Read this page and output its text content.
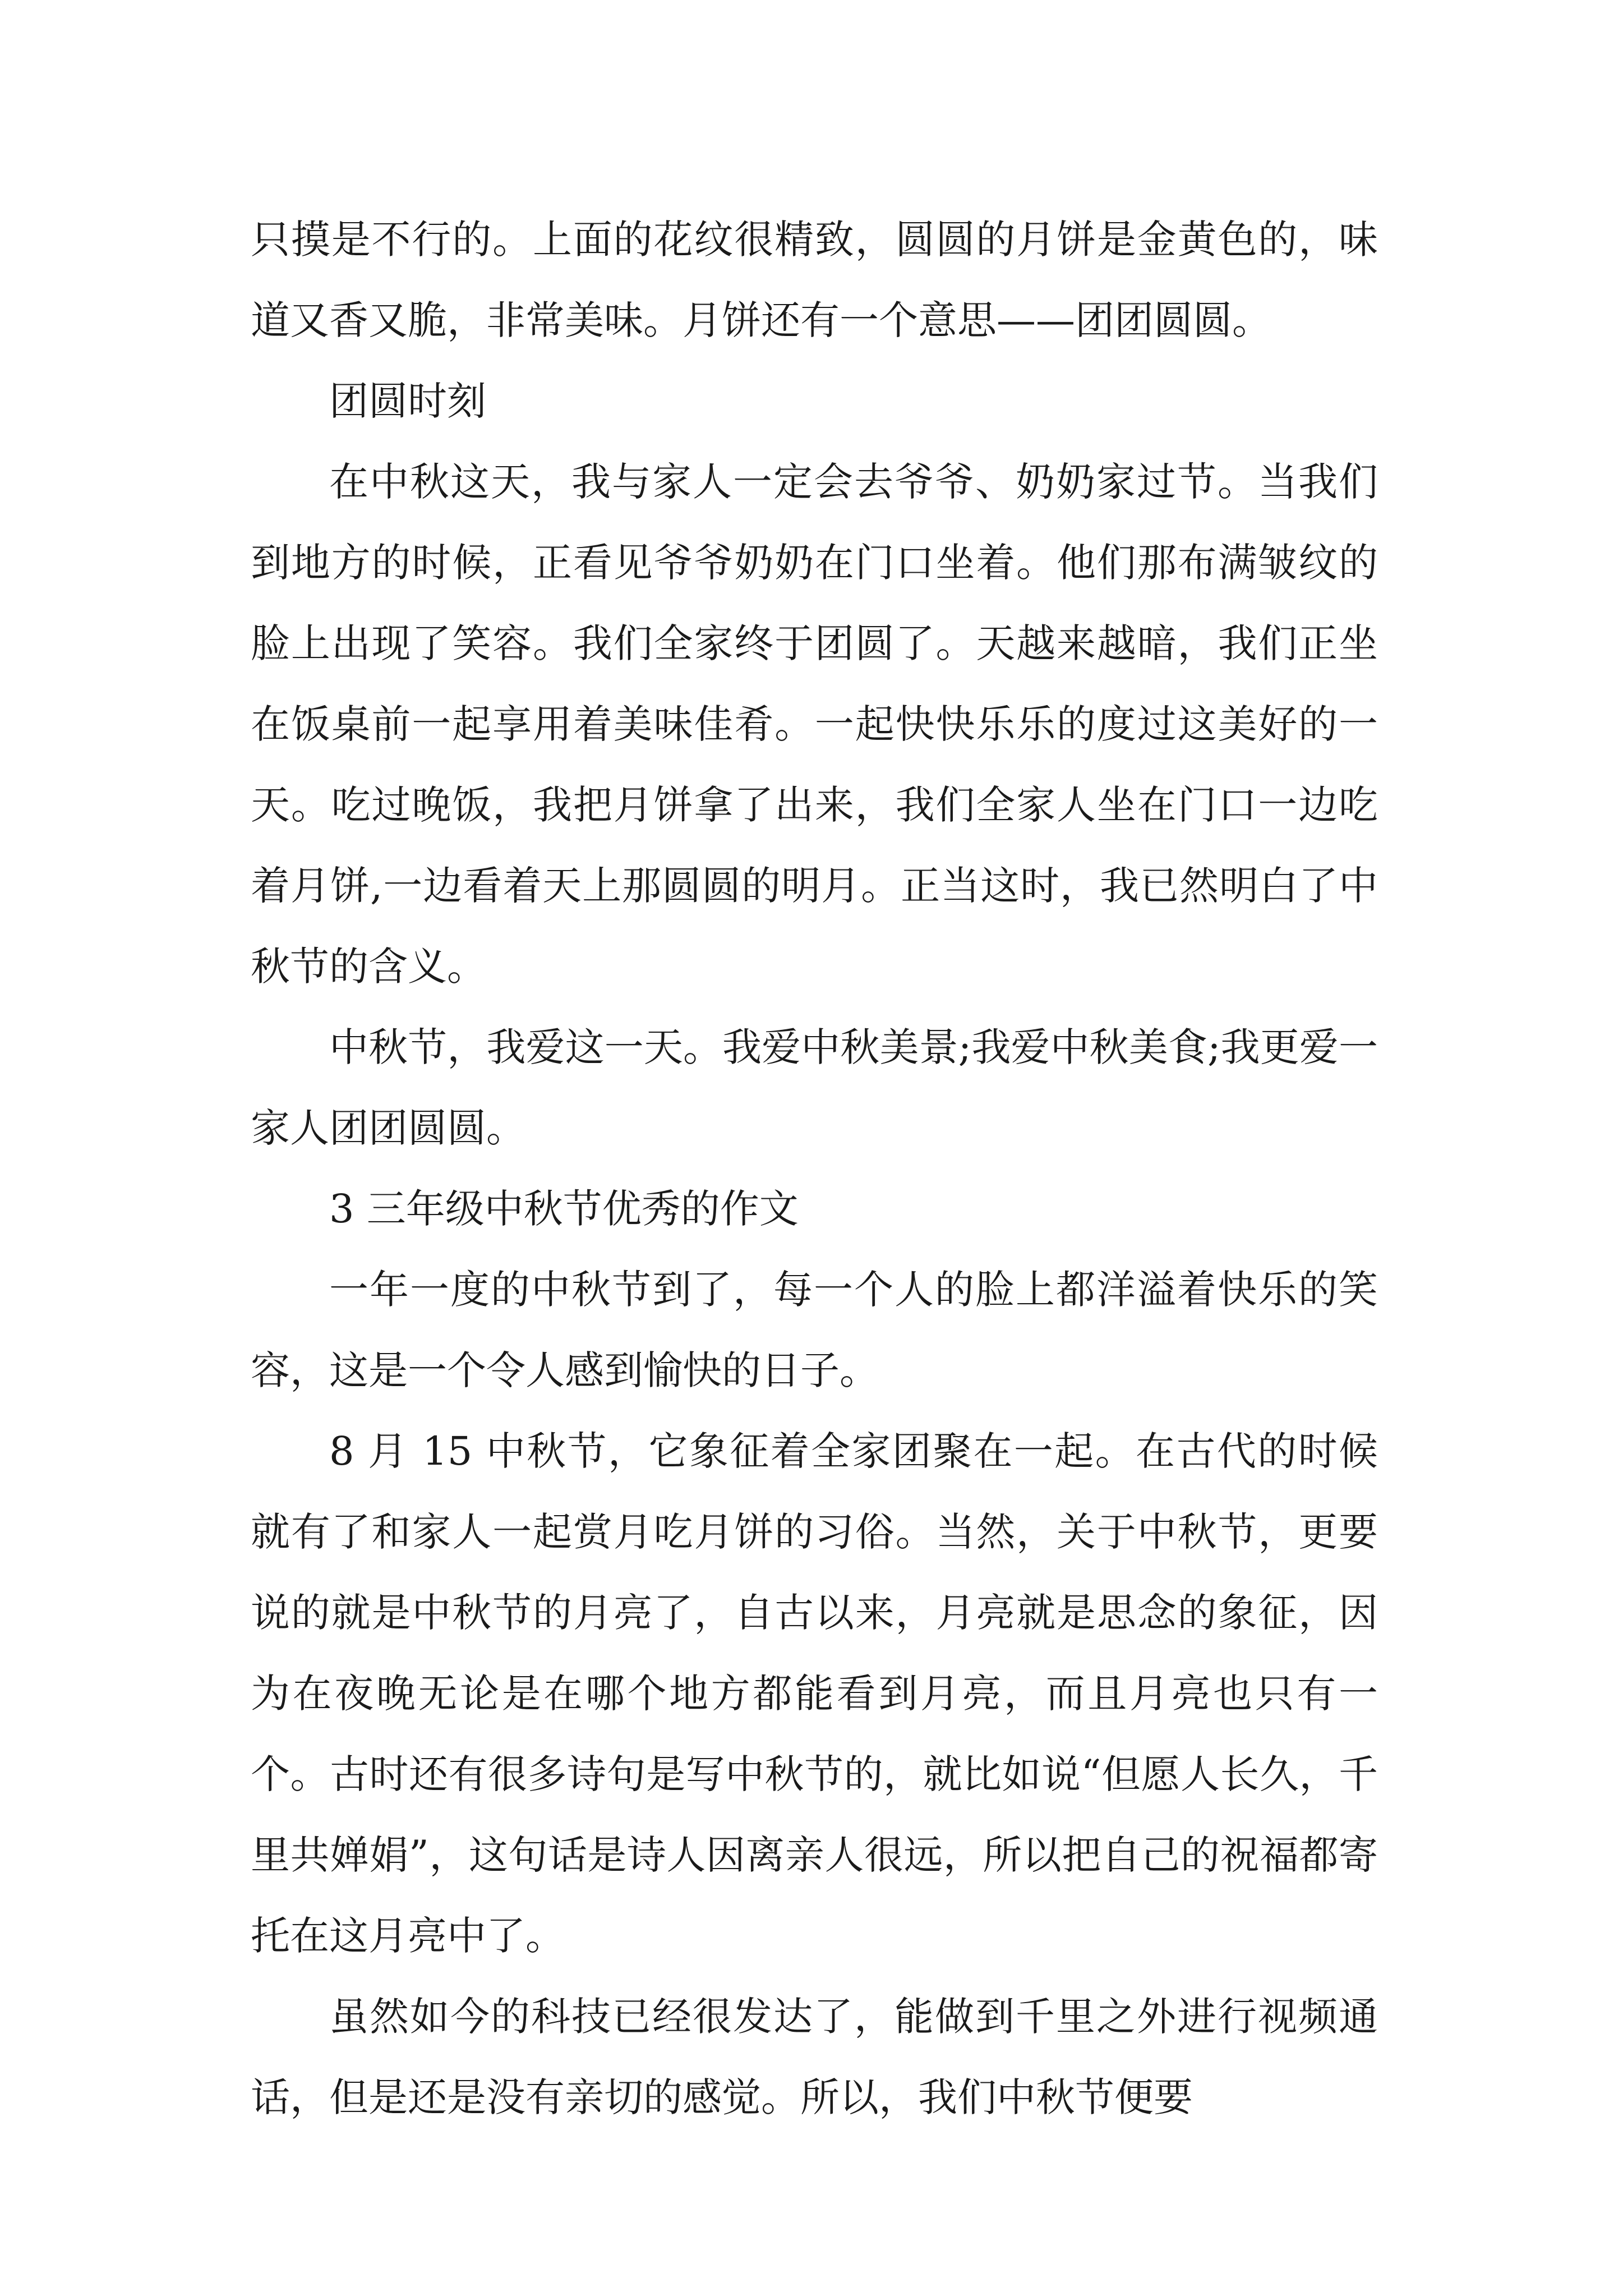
只摸是不行的。上面的花纹很精致，圆圆的月饼是金黄色的，味道又香又脆，非常美味。月饼还有一个意思——团团圆圆。

团圆时刻

在中秋这天，我与家人一定会去爷爷、奶奶家过节。当我们到地方的时候，正看见爷爷奶奶在门口坐着。他们那布满皱纹的脸上出现了笑容。我们全家终于团圆了。天越来越暗，我们正坐在饭桌前一起享用着美味佳肴。一起快快乐乐的度过这美好的一天。吃过晚饭，我把月饼拿了出来，我们全家人坐在门口一边吃着月饼,一边看着天上那圆圆的明月。正当这时，我已然明白了中秋节的含义。

中秋节，我爱这一天。我爱中秋美景;我爱中秋美食;我更爱一家人团团圆圆。

3 三年级中秋节优秀的作文

一年一度的中秋节到了，每一个人的脸上都洋溢着快乐的笑容，这是一个令人感到愉快的日子。

8 月 15 中秋节，它象征着全家团聚在一起。在古代的时候就有了和家人一起赏月吃月饼的习俗。当然，关于中秋节，更要说的就是中秋节的月亮了，自古以来，月亮就是思念的象征，因为在夜晚无论是在哪个地方都能看到月亮，而且月亮也只有一个。古时还有很多诗句是写中秋节的，就比如说“但愿人长久，千里共婵娟”，这句话是诗人因离亲人很远，所以把自己的祝福都寄托在这月亮中了。

虽然如今的科技已经很发达了，能做到千里之外进行视频通话，但是还是没有亲切的感觉。所以，我们中秋节便要
